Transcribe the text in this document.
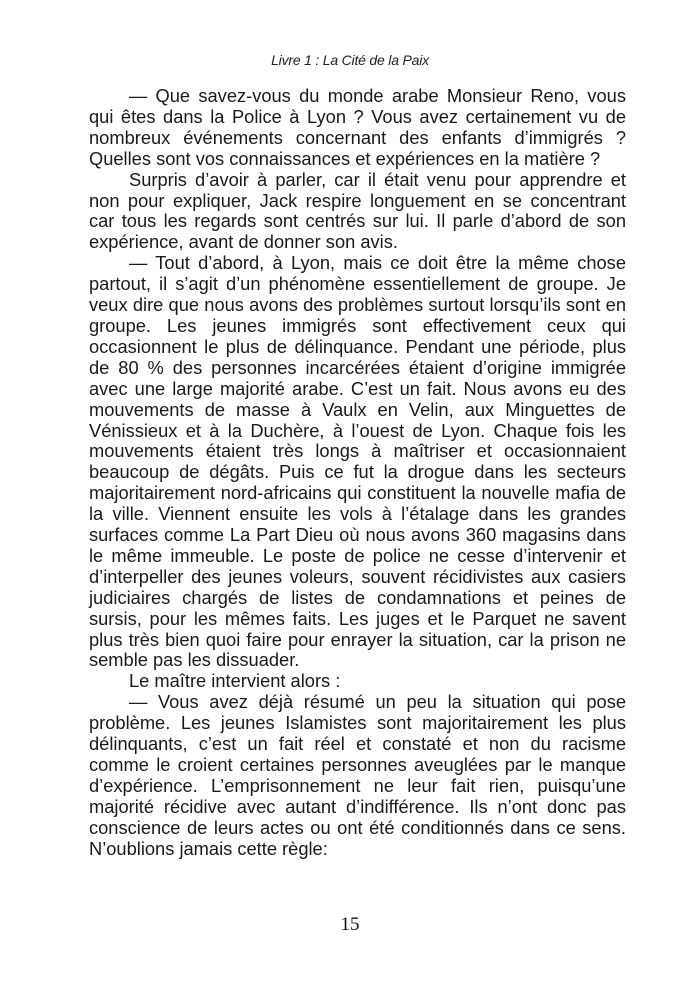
Livre 1 : La Cité de la Paix

— Que savez-vous du monde arabe Monsieur Reno, vous qui êtes dans la Police à Lyon ? Vous avez certainement vu de nombreux événements concernant des enfants d’immigrés ? Quelles sont vos connaissances et expériences en la matière ?

Surpris d’avoir à parler, car il était venu pour apprendre et non pour expliquer, Jack respire longuement en se concentrant car tous les regards sont centrés sur lui. Il parle d’abord de son expérience, avant de donner son avis.

— Tout d’abord, à Lyon, mais ce doit être la même chose partout, il s’agit d’un phénomène essentiellement de groupe. Je veux dire que nous avons des problèmes surtout lorsqu’ils sont en groupe. Les jeunes immigrés sont effectivement ceux qui occasionnent le plus de délinquance. Pendant une période, plus de 80 % des personnes incarcérées étaient d’origine immigrée avec une large majorité arabe. C’est un fait. Nous avons eu des mouvements de masse à Vaulx en Velin, aux Minguettes de Vénissieux et à la Duchère, à l’ouest de Lyon. Chaque fois les mouvements étaient très longs à maîtriser et occasionnaient beaucoup de dégâts. Puis ce fut la drogue dans les secteurs majoritairement nord-africains qui constituent la nouvelle mafia de la ville. Viennent ensuite les vols à l’étalage dans les grandes surfaces comme La Part Dieu où nous avons 360 magasins dans le même immeuble. Le poste de police ne cesse d’intervenir et d’interpeller des jeunes voleurs, souvent récidivistes aux casiers judiciaires chargés de listes de condamnations et peines de sursis, pour les mêmes faits. Les juges et le Parquet ne savent plus très bien quoi faire pour enrayer la situation, car la prison ne semble pas les dissuader.

Le maître intervient alors :

— Vous avez déjà résumé un peu la situation qui pose problème. Les jeunes Islamistes sont majoritairement les plus délinquants, c’est un fait réel et constaté et non du racisme comme le croient certaines personnes aveuglées par le manque d’expérience. L’emprisonnement ne leur fait rien, puisqu’une majorité récidive avec autant d’indifférence. Ils n’ont donc pas conscience de leurs actes ou ont été conditionnés dans ce sens. N’oublions jamais cette règle:

15
